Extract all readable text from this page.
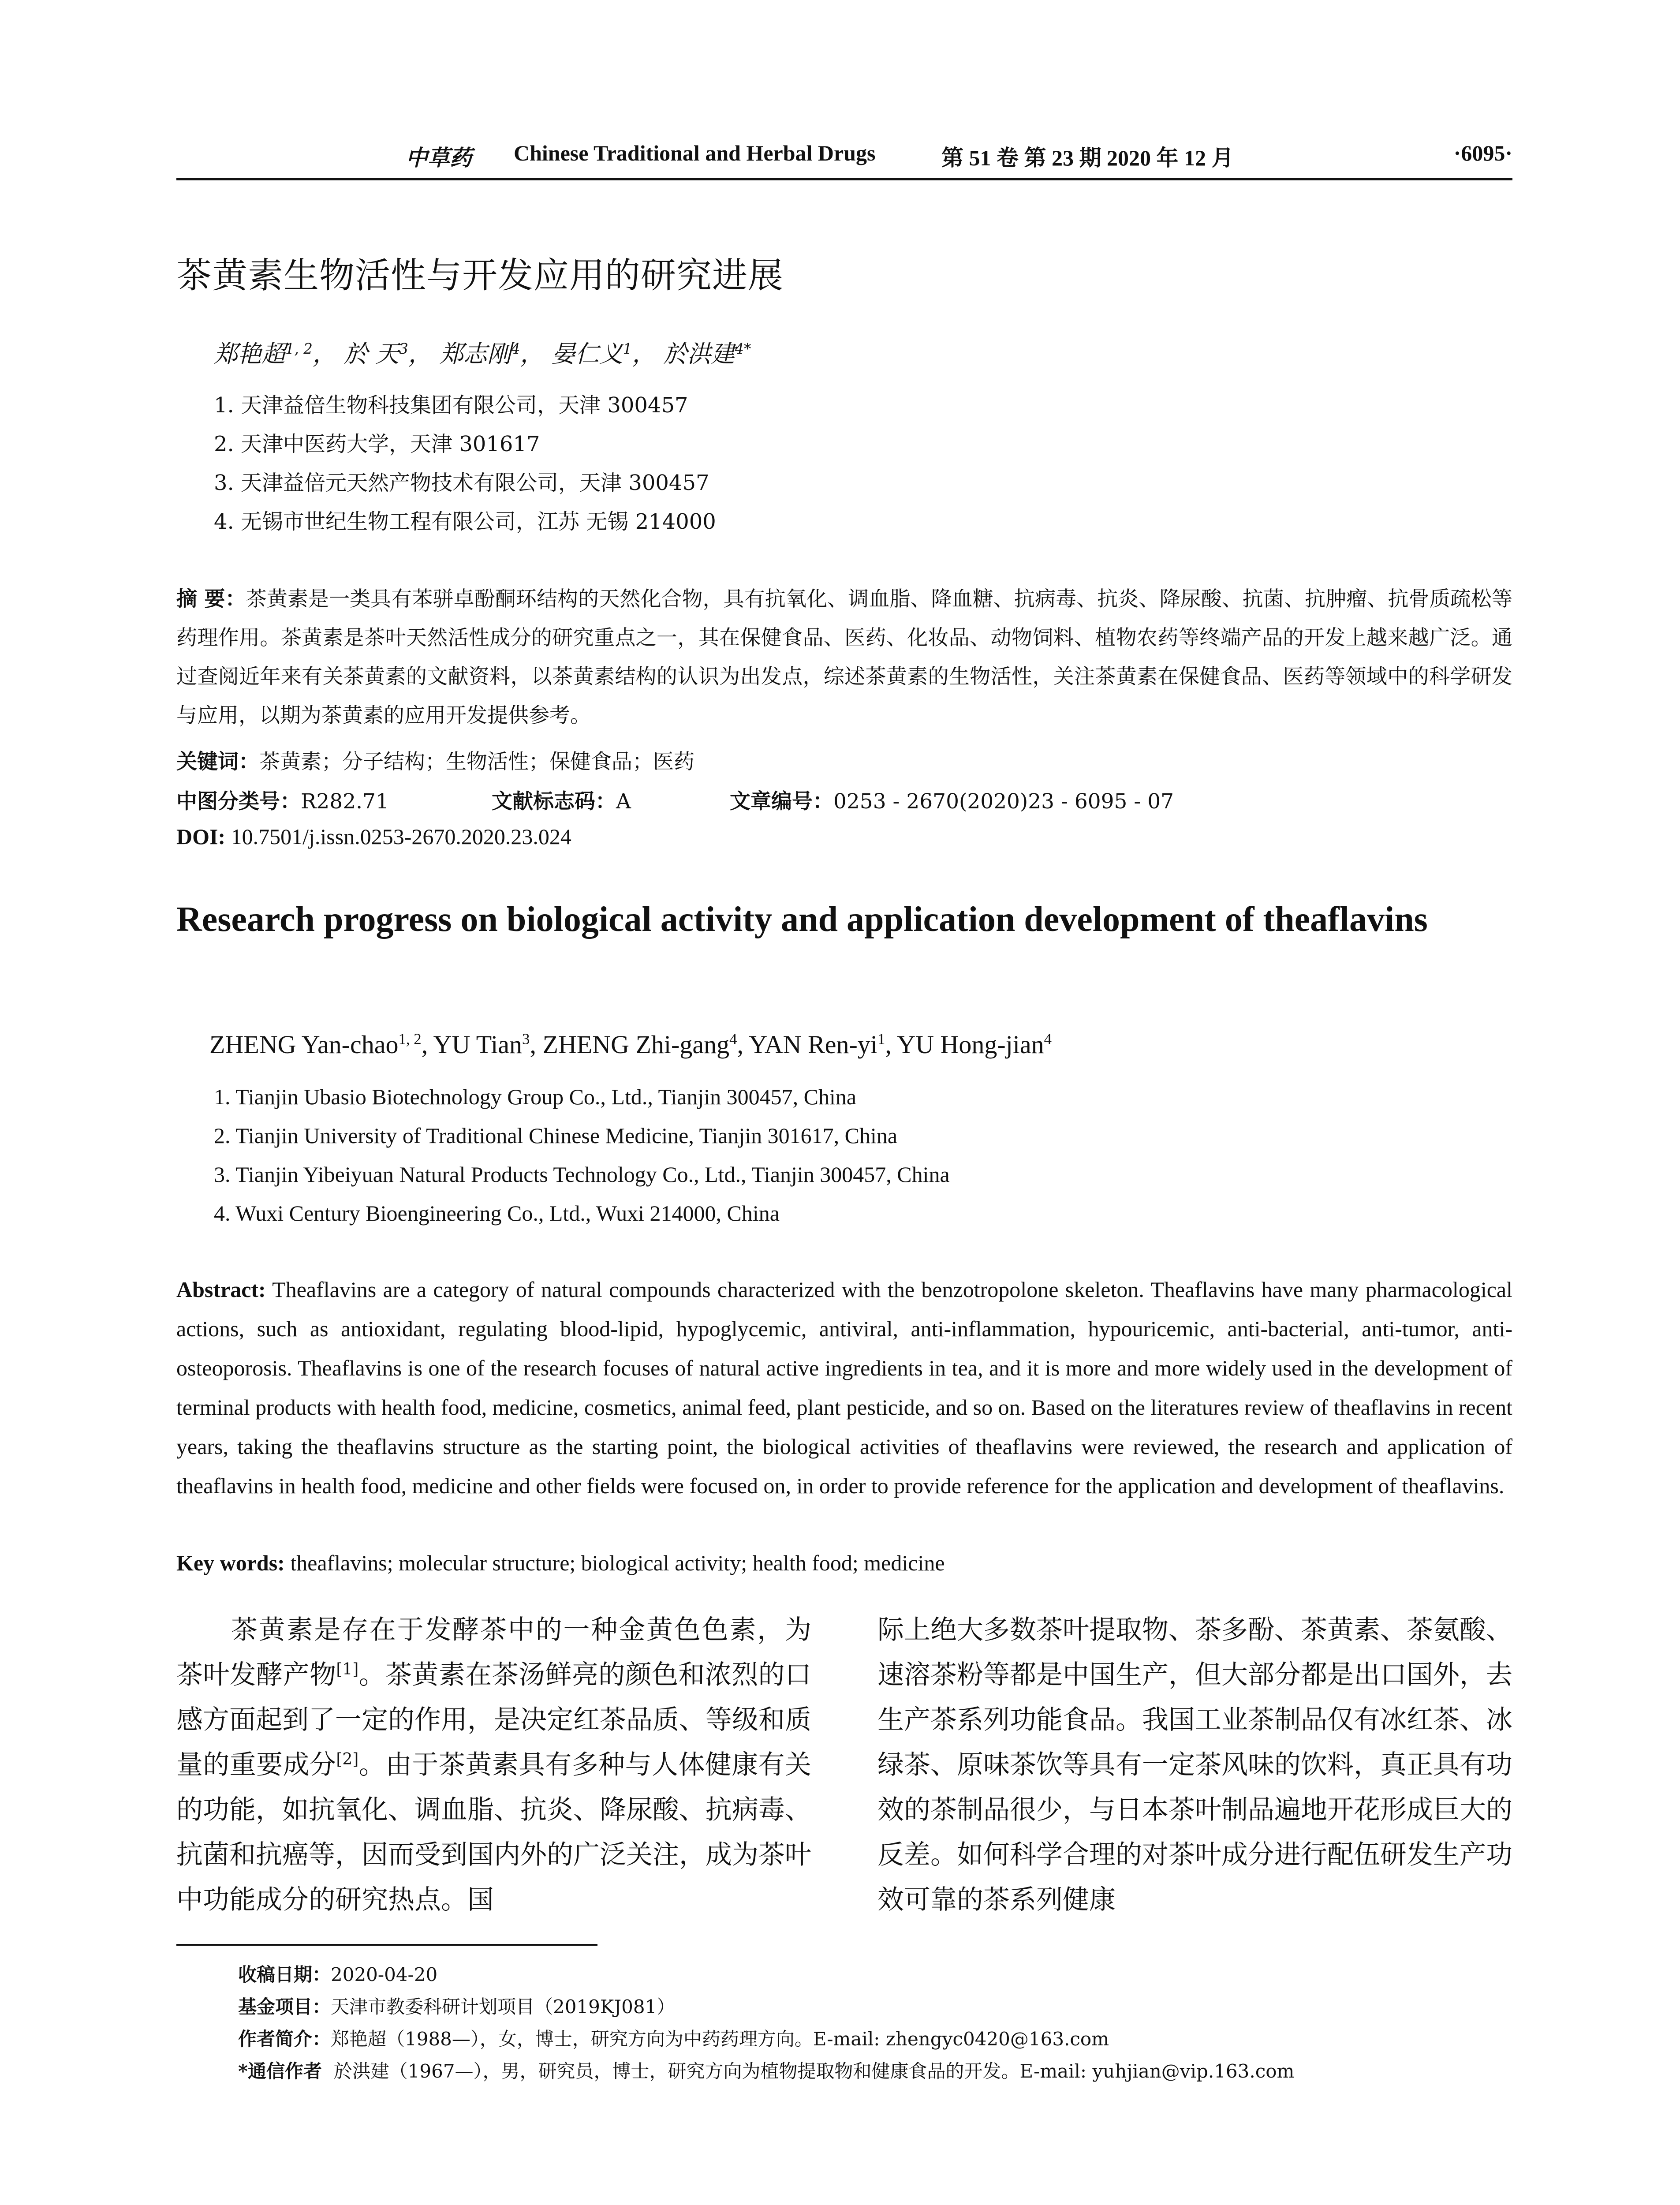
中草药 Chinese Traditional and Herbal Drugs	第 51 卷 第 23 期 2020 年 12 月	·6095·
茶黄素生物活性与开发应用的研究进展
郑艳超$^{1, 2}$， 於 天$^3$， 郑志刚$^4$， 晏仁义$^1$， 於洪建$^{4*}$
1. 天津益倍生物科技集团有限公司，天津 300457
2. 天津中医药大学，天津 301617
3. 天津益倍元天然产物技术有限公司，天津 300457
4. 无锡市世纪生物工程有限公司，江苏 无锡 214000
摘 要：茶黄素是一类具有苯骈卓酚酮环结构的天然化合物，具有抗氧化、调血脂、降血糖、抗病毒、抗炎、降尿酸、抗菌、抗肿瘤、抗骨质疏松等药理作用。茶黄素是茶叶天然活性成分的研究重点之一，其在保健食品、医药、化妆品、动物饲料、植物农药等终端产品的开发上越来越广泛。通过查阅近年来有关茶黄素的文献资料，以茶黄素结构的认识为出发点，综述茶黄素的生物活性，关注茶黄素在保健食品、医药等领域中的科学研发与应用，以期为茶黄素的应用开发提供参考。
关键词：茶黄素；分子结构；生物活性；保健食品；医药
中图分类号：R282.71	文献标志码：A	文章编号：0253 - 2670(2020)23 - 6095 - 07
DOI: 10.7501/j.issn.0253-2670.2020.23.024
Research progress on biological activity and application development of theaflavins
ZHENG Yan-chao$^{1, 2}$, YU Tian$^3$, ZHENG Zhi-gang$^4$, YAN Ren-$yi^1$, YU Hong-jian$^4$
1. Tianjin Ubasio Biotechnology Group Co., Ltd., Tianjin 300457, China
2. Tianjin University of Traditional Chinese Medicine, Tianjin 301617, China
3. Tianjin Yibeiyuan Natural Products Technology Co., Ltd., Tianjin 300457, China
4. Wuxi Century Bioengineering Co., Ltd., Wuxi 214000, China
Abstract: Theaflavins are a category of natural compounds characterized with the benzotropolone skeleton. Theaflavins have many pharmacological actions, such as antioxidant, regulating blood-lipid, hypoglycemic, antiviral, anti-inflammation, hypouricemic, anti-bacterial, anti-tumor, anti-osteoporosis. Theaflavins is one of the research focuses of natural active ingredients in tea, and it is more and more widely used in the development of terminal products with health food, medicine, cosmetics, animal feed, plant pesticide, and so on. Based on the literatures review of theaflavins in recent years, taking the theaflavins structure as the starting point, the biological activities of theaflavins were reviewed, the research and application of theaflavins in health food, medicine and other fields were focused on, in order to provide reference for the application and development of theaflavins.
Key words: theaflavins; molecular structure; biological activity; health food; medicine
茶黄素是存在于发酵茶中的一种金黄色色素，为茶叶发酵产物[1]。茶黄素在茶汤鲜亮的颜色和浓烈的口感方面起到了一定的作用，是决定红茶品质、等级和质量的重要成分[2]。由于茶黄素具有多种与人体健康有关的功能，如抗氧化、调血脂、抗炎、降尿酸、抗病毒、抗菌和抗癌等，因而受到国内外的广泛关注，成为茶叶中功能成分的研究热点。国
际上绝大多数茶叶提取物、茶多酚、茶黄素、茶氨酸、速溶茶粉等都是中国生产，但大部分都是出口国外，去生产茶系列功能食品。我国工业茶制品仅有冰红茶、冰绿茶、原味茶饮等具有一定茶风味的饮料，真正具有功效的茶制品很少，与日本茶叶制品遍地开花形成巨大的反差。如何科学合理的对茶叶成分进行配伍研发生产功效可靠的茶系列健康
收稿日期：2020-04-20
基金项目：天津市教委科研计划项目（2019KJ081）
作者简介：郑艳超（1988—），女，博士，研究方向为中药药理方向。E-mail: zhengyc0420@163.com
*通信作者 於洪建（1967—），男，研究员，博士，研究方向为植物提取物和健康食品的开发。E-mail: yuhjian@vip.163.com
